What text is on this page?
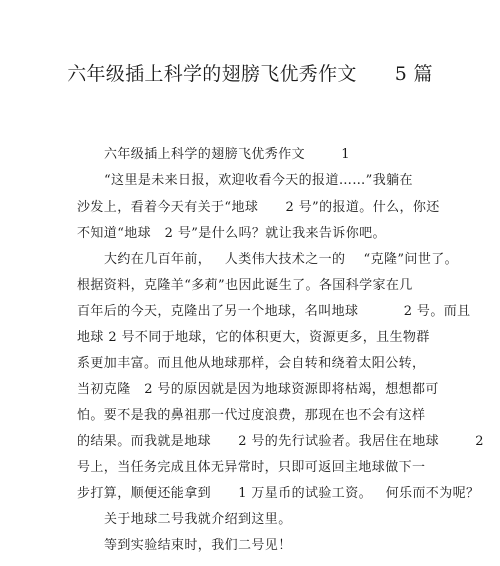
六年级插上科学的翅膀飞优秀作文      5 篇
六年级插上科学的翅膀飞优秀作文        1
“这里是未来日报，欢迎收看今天的报道……”我躺在
沙发上，看着今天有关于“地球      2 号”的报道。什么，你还
不知道“地球   2 号”是什么吗？就让我来告诉你吧。
大约在几百年前，   人类伟大技术之一的    “克隆”问世了。
根据资料，克隆羊“多莉”也因此诞生了。各国科学家在几
百年后的今天，克隆出了另一个地球，名叫地球          2 号。而且
地球 2 号不同于地球，它的体积更大，资源更多，且生物群
系更加丰富。而且他从地球那样，会自转和绕着太阳公转，
当初克隆   2 号的原因就是因为地球资源即将枯竭，想想都可
怕。要不是我的鼻祖那一代过度浪费，那现在也不会有这样
的结果。而我就是地球      2 号的先行试验者。我居住在地球        2
号上，当任务完成且体无异常时，只即可返回主地球做下一
步打算，顺便还能拿到      1 万星币的试验工资。   何乐而不为呢？
关于地球二号我就介绍到这里。
等到实验结束时，我们二号见！
